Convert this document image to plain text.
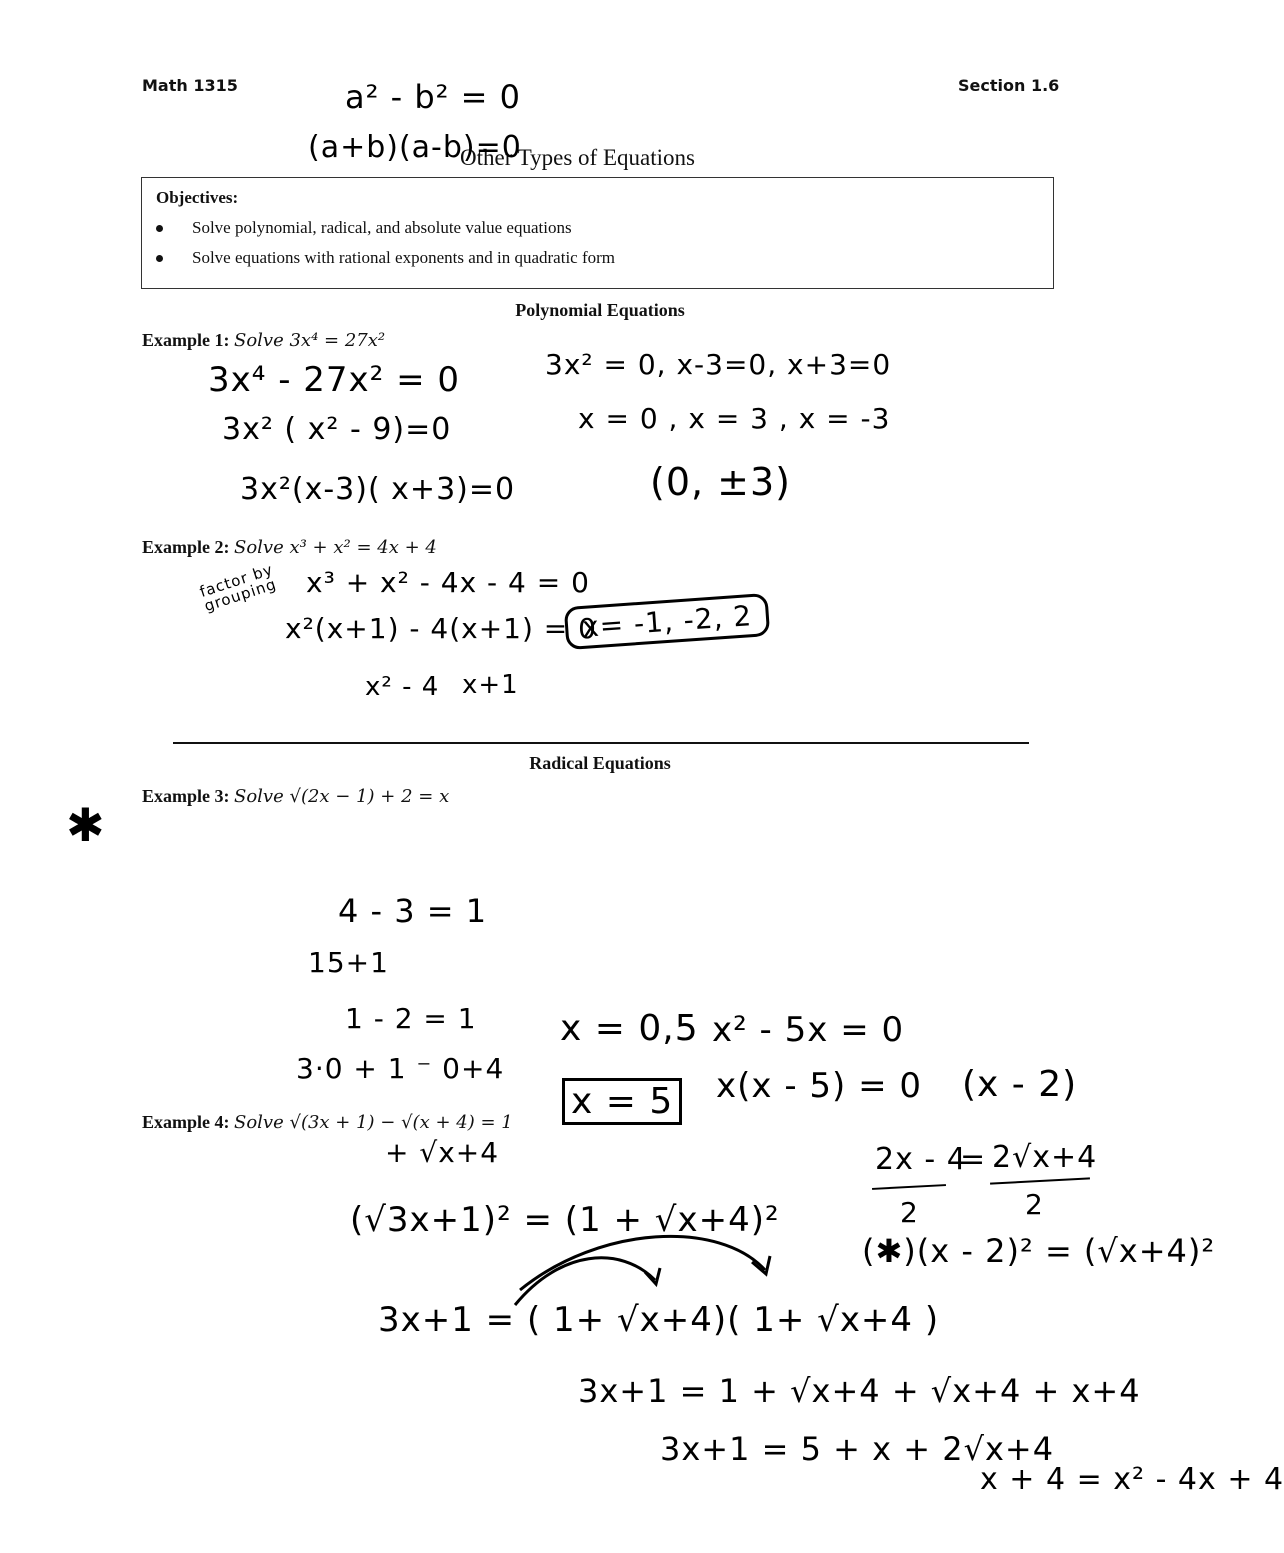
Math 1315	Section 1.6
Other Types of Equations
Objectives:
Solve polynomial, radical, and absolute value equations
Solve equations with rational exponents and in quadratic form
Polynomial Equations
Example 1: Solve 3x⁴ = 27x²
3x⁴ - 27x² = 0
3x² ( x² - 9)=0
3x²(x-3)( x+3)=0
3x² = 0, x-3=0, x+3=0
x = 0 , x = 3 , x = -3
(0, ±3)
a² - b² = 0
(a+b)(a-b)=0
Example 2: Solve x³ + x² = 4x + 4
factor by grouping x³ + x² - 4x - 4 = 0
x²(x+1) - 4(x+1) = 0
x² - 4 x+1
x= -1, -2, 2
Radical Equations
✱
Example 3: Solve √(2x − 1) + 2 = x
4 - 3 = 1
15+1
1 - 2 = 1
3·0 + 1 ⁻ 0+4
x = 0,5
x = 5
x² - 5x = 0
x(x - 5) = 0 (x - 2)
Example 4: Solve √(3x + 1) − √(x + 4) = 1
+ √x+4
(√3x+1)² = (1 + √x+4)²
3x+1 = ( 1+ √x+4)( 1+ √x+4 )
3x+1 = 1 + √x+4 + √x+4 + x+4
3x+1 = 5 + x + 2√x+4
2x - 4
= 2√x+4
2	2
(✱)(x - 2)² = (√x+4)²
x + 4 = x² - 4x + 4
